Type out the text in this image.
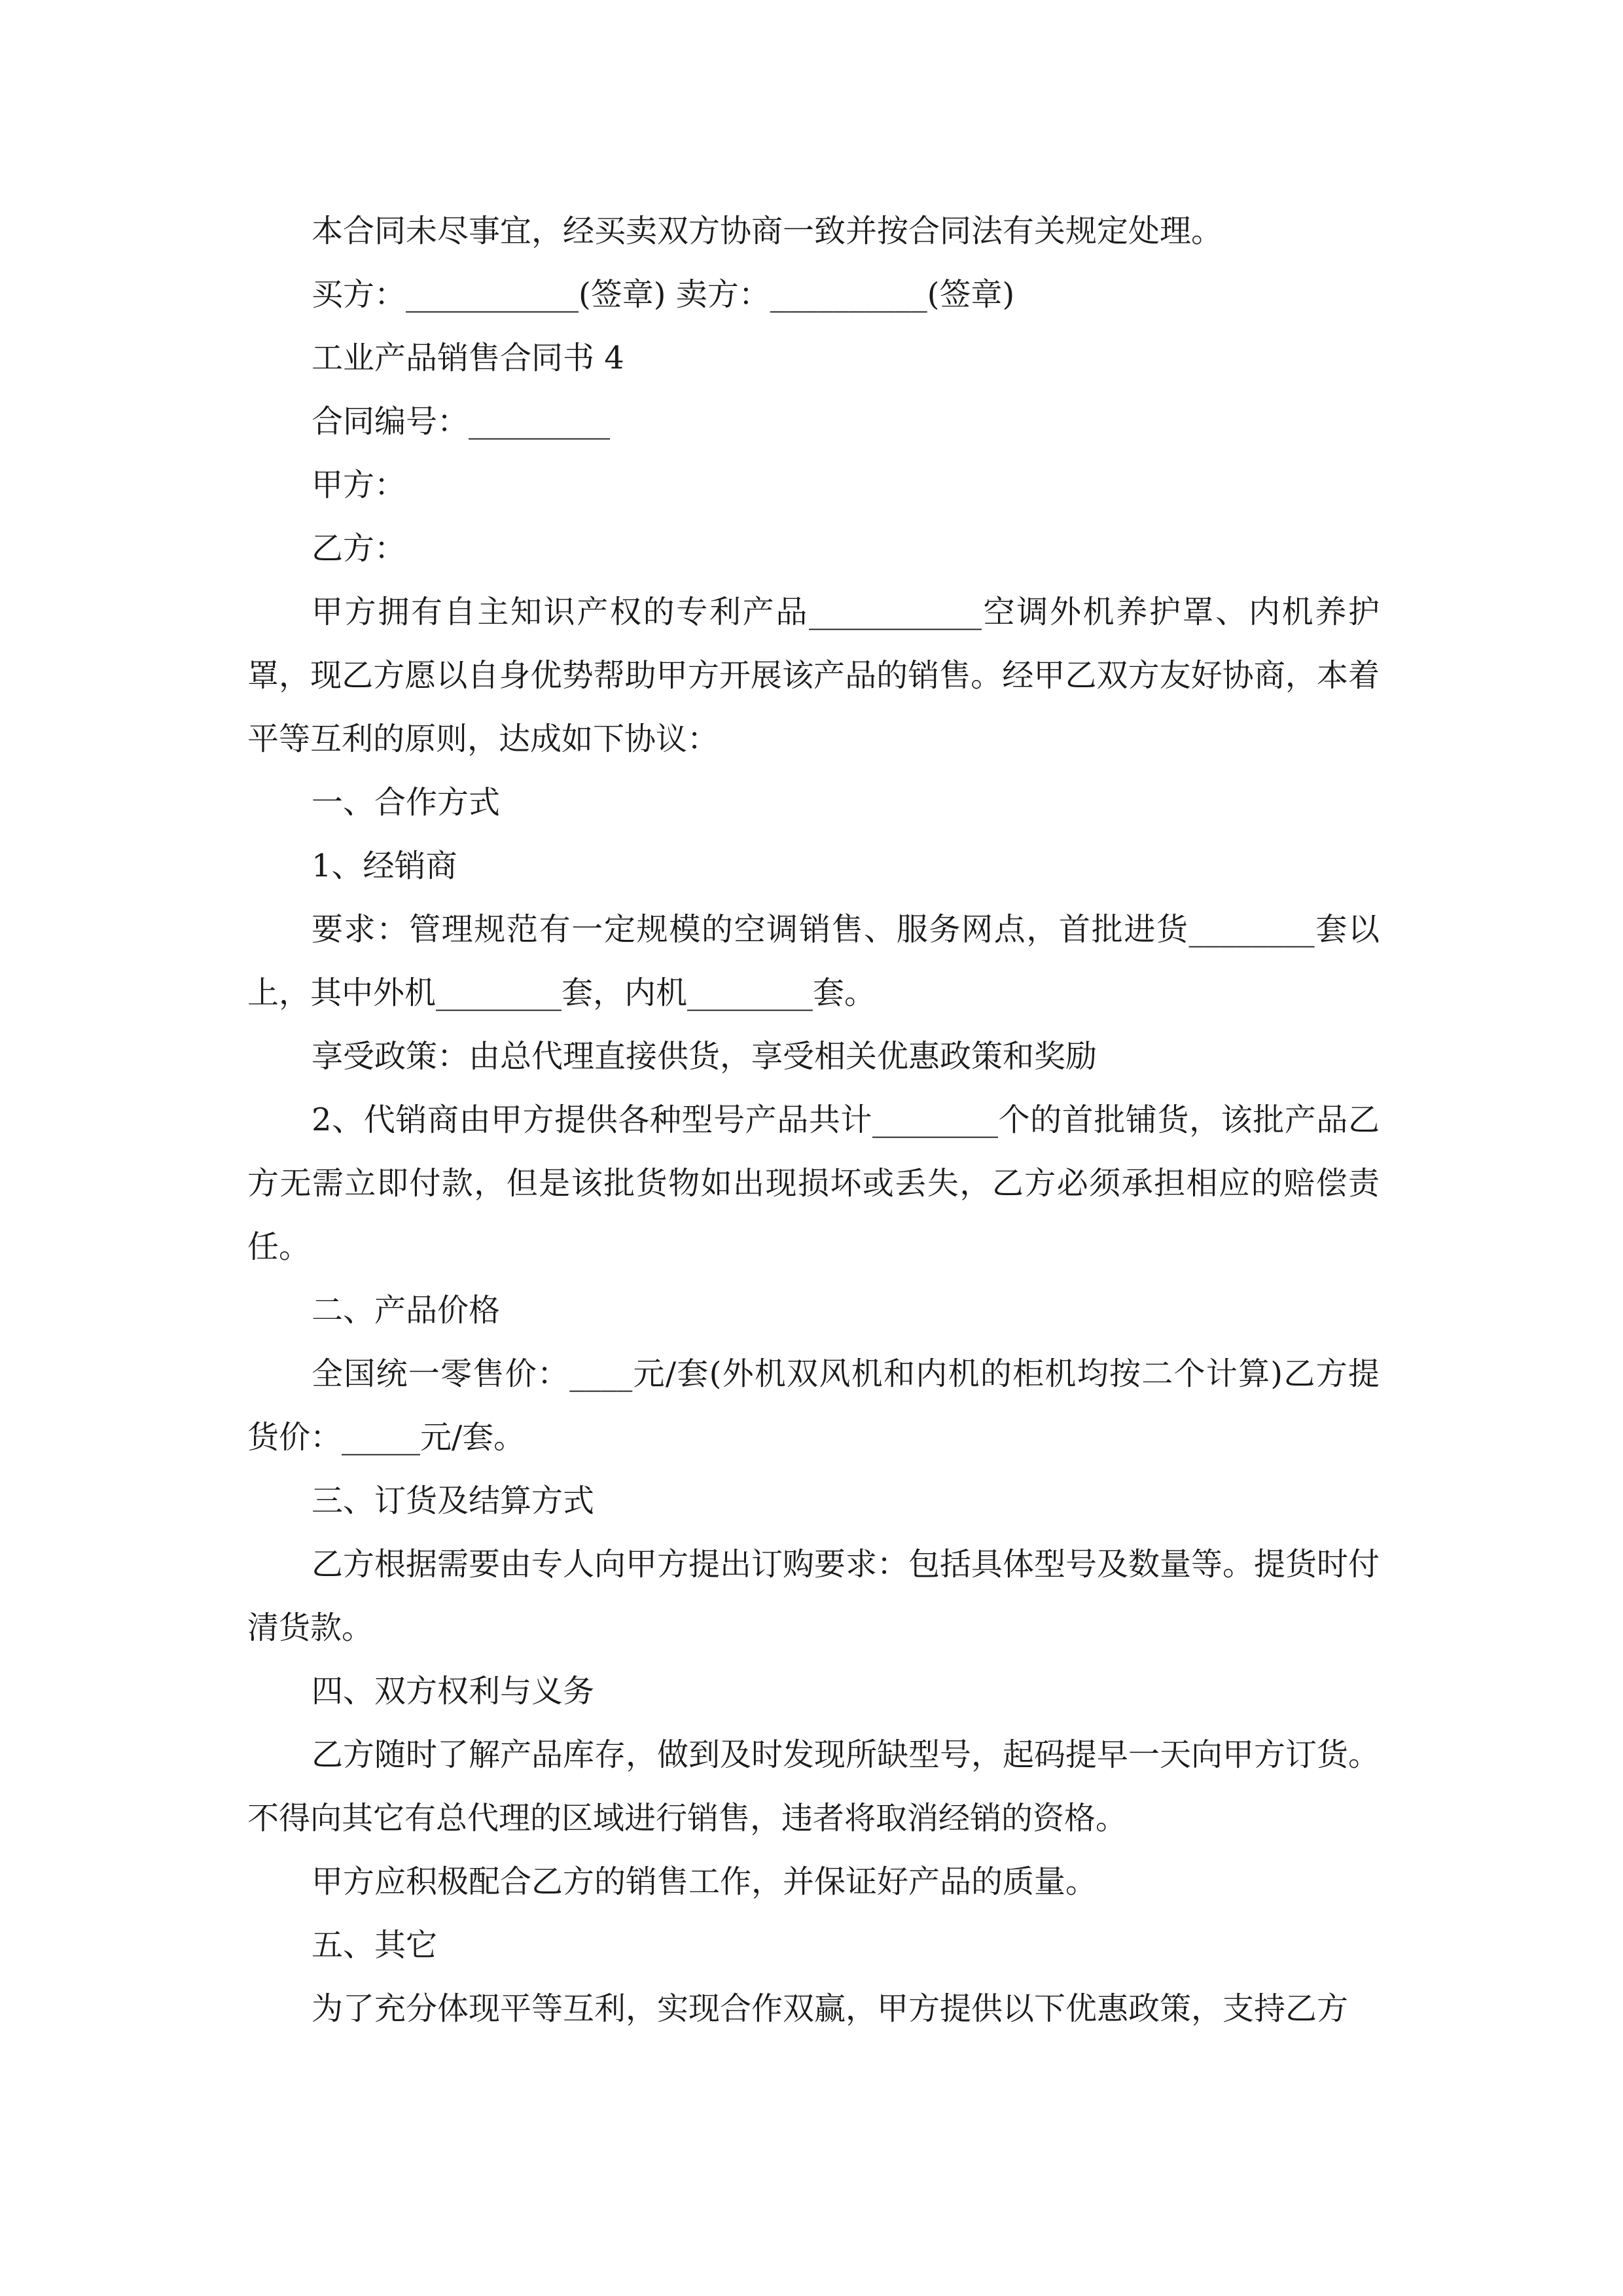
本合同未尽事宜，经买卖双方协商一致并按合同法有关规定处理。

买方：___________(签章) 卖方：__________(签章)

工业产品销售合同书 4

合同编号：_________

甲方：

乙方：

甲方拥有自主知识产权的专利产品___________空调外机养护罩、内机养护罩，现乙方愿以自身优势帮助甲方开展该产品的销售。经甲乙双方友好协商，本着平等互利的原则，达成如下协议：

一、合作方式

1、经销商

要求：管理规范有一定规模的空调销售、服务网点，首批进货________套以上，其中外机________套，内机________套。

享受政策：由总代理直接供货，享受相关优惠政策和奖励

2、代销商由甲方提供各种型号产品共计________个的首批铺货，该批产品乙方无需立即付款，但是该批货物如出现损坏或丢失，乙方必须承担相应的赔偿责任。

二、产品价格

全国统一零售价：____元/套(外机双风机和内机的柜机均按二个计算)乙方提货价：_____元/套。

三、订货及结算方式

乙方根据需要由专人向甲方提出订购要求：包括具体型号及数量等。提货时付清货款。

四、双方权利与义务

乙方随时了解产品库存，做到及时发现所缺型号，起码提早一天向甲方订货。不得向其它有总代理的区域进行销售，违者将取消经销的资格。

甲方应积极配合乙方的销售工作，并保证好产品的质量。

五、其它

为了充分体现平等互利，实现合作双赢，甲方提供以下优惠政策，支持乙方
